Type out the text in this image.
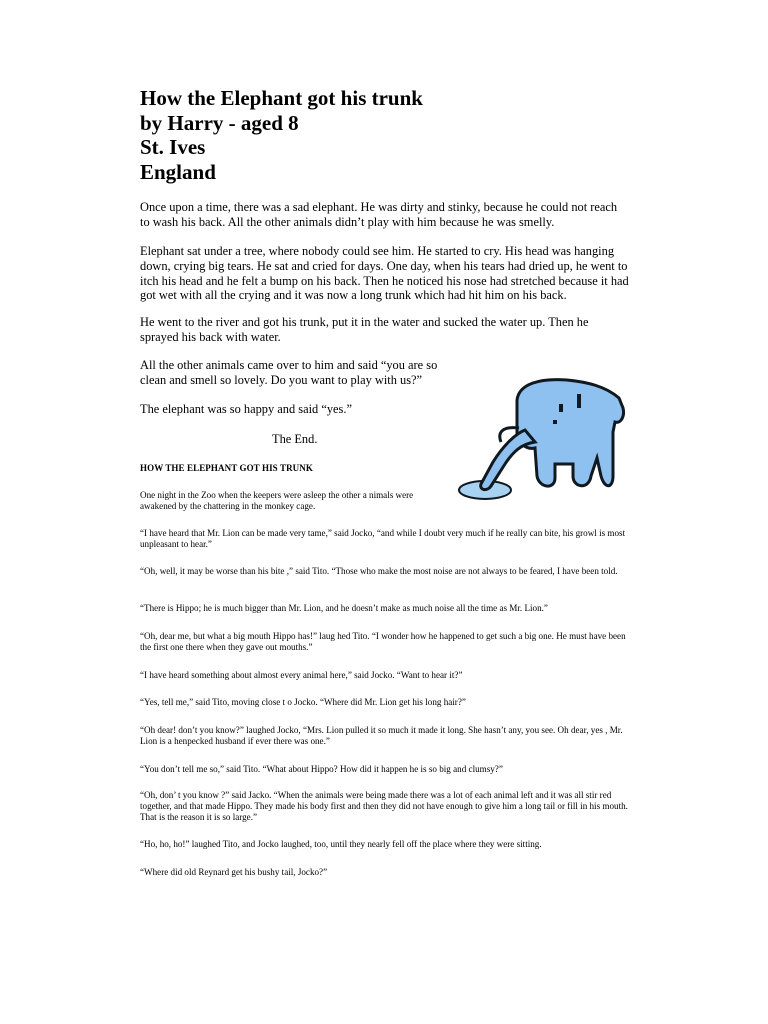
How the Elephant got his trunk
by Harry - aged 8
St. Ives
England

Once upon a time, there was a sad elephant. He was dirty and stinky, because he could not reach to wash his back. All the other animals didn’t play with him because he was smelly.

Elephant sat under a tree, where nobody could see him. He started to cry. His head was hanging down, crying big tears. He sat and cried for days. One day, when his tears had dried up, he went to itch his head and he felt a bump on his back. Then he noticed his nose had stretched because it had got wet with all the crying and it was now a long trunk which had hit him on his back.

He went to the river and got his trunk, put it in the water and sucked the water up. Then he sprayed his back with water.

All the other animals came over to him and said “you are so clean and smell so lovely. Do you want to play with us?”

The elephant was so happy and said “yes.”

The End.

HOW THE ELEPHANT GOT HIS TRUNK

One night in the Zoo when the keepers were asleep the other a nimals were awakened by the chattering in the monkey cage.

“I have heard that Mr. Lion can be made very tame,” said Jocko, “and while I doubt very much if he really can bite, his growl is most unpleasant to hear.”

“Oh, well, it may be worse than his bite ,” said Tito. “Those who make the most noise are not always to be feared, I have been told.

“There is Hippo; he is much bigger than Mr. Lion, and he doesn’t make as much noise all the time as Mr. Lion.”

“Oh, dear me, but what a big mouth Hippo has!” laug hed Tito. “I wonder how he happened to get such a big one. He must have been the first one there when they gave out mouths.”

“I have heard something about almost every animal here,” said Jocko. “Want to hear it?”

“Yes, tell me,” said Tito, moving close t o Jocko. “Where did Mr. Lion get his long hair?”

“Oh dear! don’t you know?” laughed Jocko, “Mrs. Lion pulled it so much it made it long. She hasn’t any, you see. Oh dear, yes , Mr. Lion is a henpecked husband if ever there was one.”

“You don’t tell me so,” said Tito. “What about Hippo? How did it happen he is so big and clumsy?”

“Oh, don’ t you know ?” said Jacko. “When the animals were being made there was a lot of each animal left and it was all stir red together, and that made Hippo. They made his body first and then they did not have enough to give him a long tail or fill in his mouth. That is the reason it is so large.”

“Ho, ho, ho!” laughed Tito, and Jocko laughed, too, until they nearly fell off the place where they were sitting.

“Where did old Reynard get his bushy tail, Jocko?”
